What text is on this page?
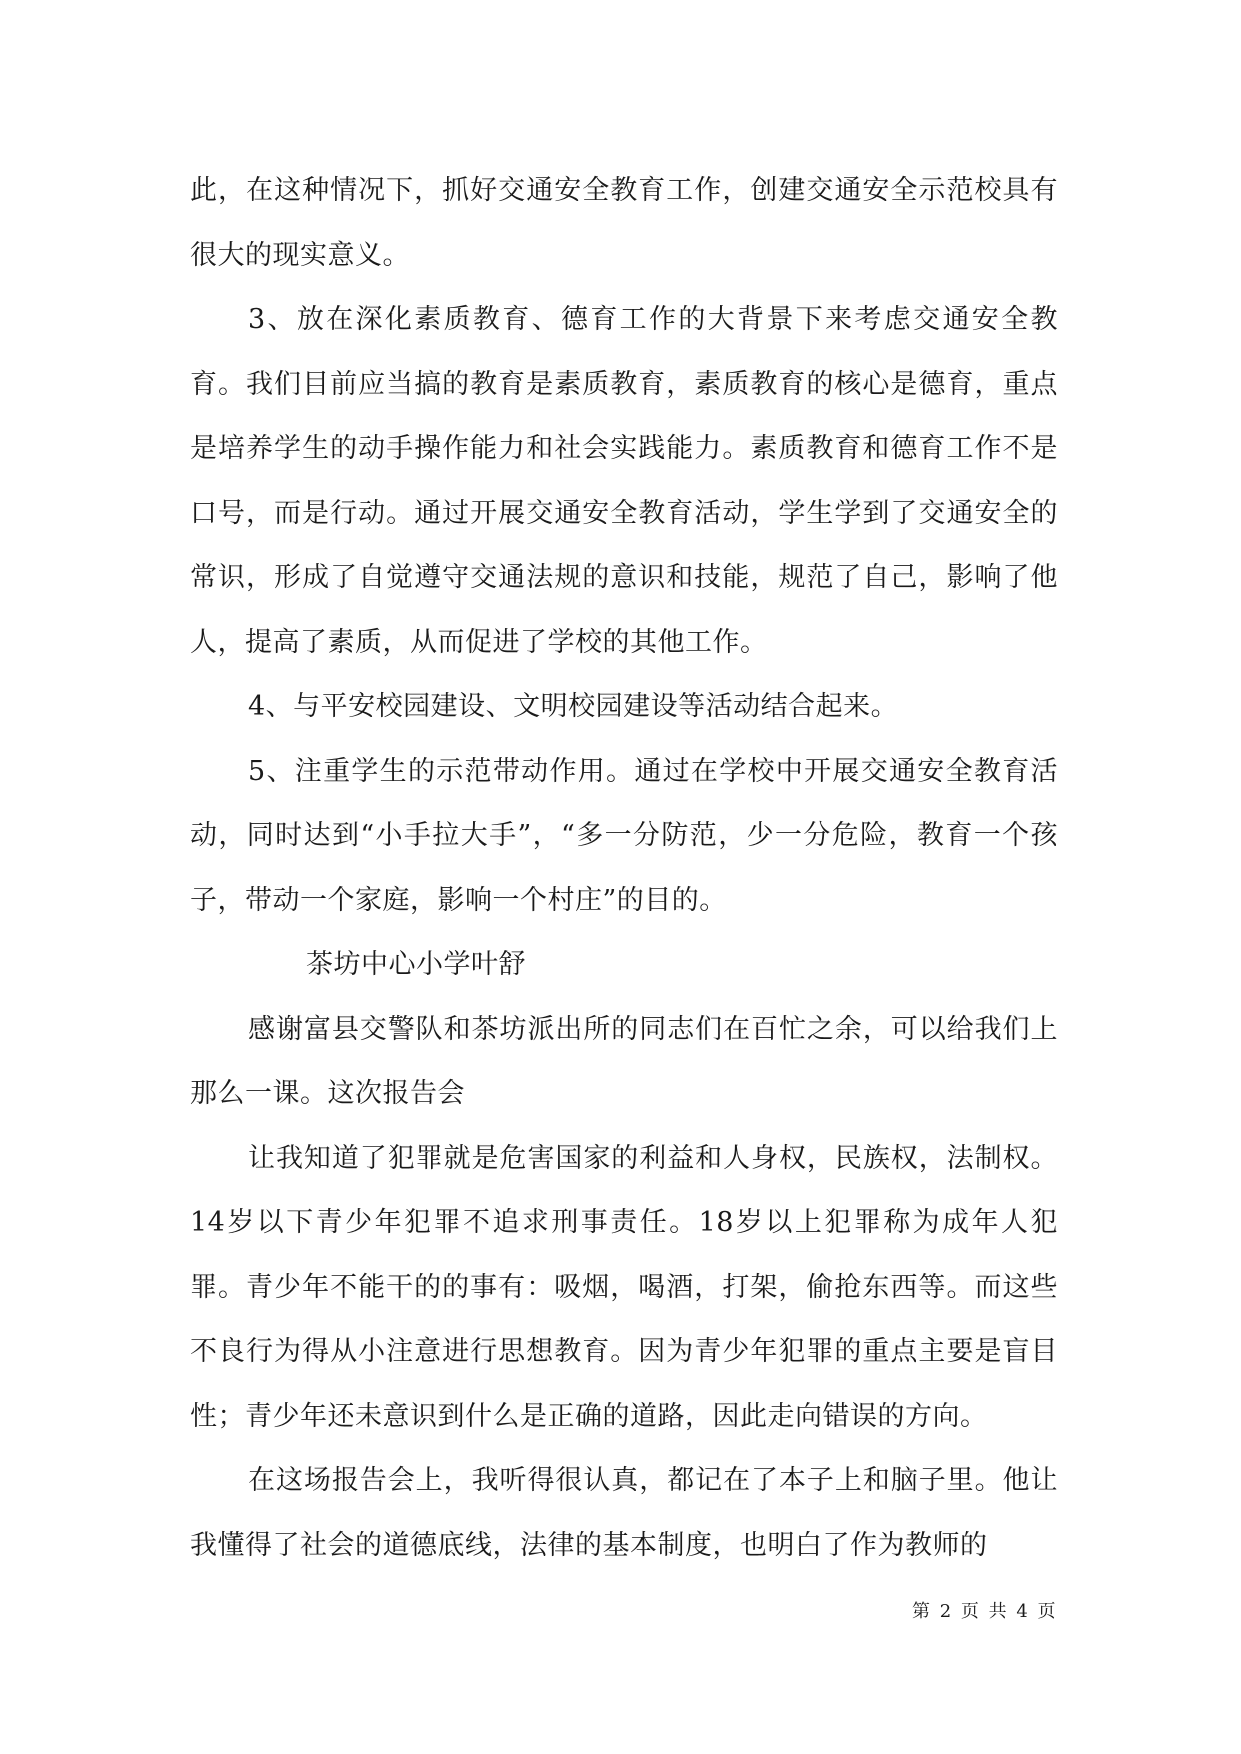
此，在这种情况下，抓好交通安全教育工作，创建交通安全示范校具有很大的现实意义。

3、放在深化素质教育、德育工作的大背景下来考虑交通安全教育。我们目前应当搞的教育是素质教育，素质教育的核心是德育，重点是培养学生的动手操作能力和社会实践能力。素质教育和德育工作不是口号，而是行动。通过开展交通安全教育活动，学生学到了交通安全的常识，形成了自觉遵守交通法规的意识和技能，规范了自己，影响了他人，提高了素质，从而促进了学校的其他工作。

4、与平安校园建设、文明校园建设等活动结合起来。

5、注重学生的示范带动作用。通过在学校中开展交通安全教育活动，同时达到“小手拉大手”，“多一分防范，少一分危险，教育一个孩子，带动一个家庭，影响一个村庄”的目的。

茶坊中心小学叶舒

感谢富县交警队和茶坊派出所的同志们在百忙之余，可以给我们上那么一课。这次报告会

让我知道了犯罪就是危害国家的利益和人身权，民族权，法制权。14岁以下青少年犯罪不追求刑事责任。18岁以上犯罪称为成年人犯罪。青少年不能干的的事有：吸烟，喝酒，打架，偷抢东西等。而这些不良行为得从小注意进行思想教育。因为青少年犯罪的重点主要是盲目性；青少年还未意识到什么是正确的道路，因此走向错误的方向。

在这场报告会上，我听得很认真，都记在了本子上和脑子里。他让我懂得了社会的道德底线，法律的基本制度，也明白了作为教师的

第 2 页 共 4 页
